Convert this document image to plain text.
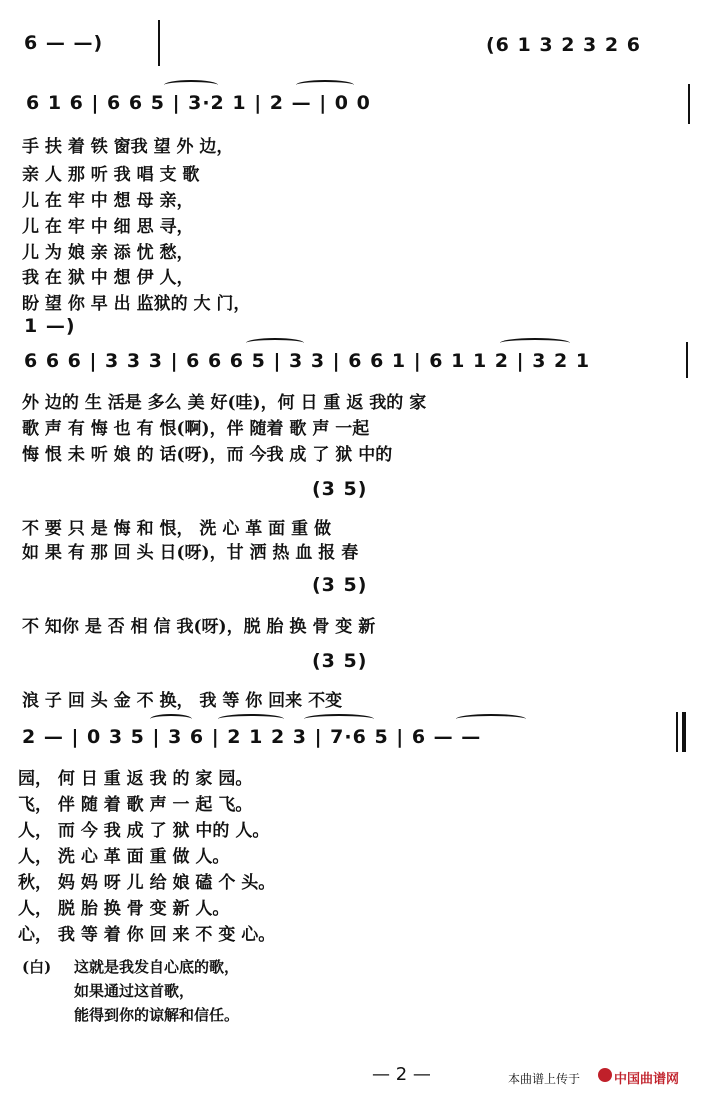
6 — —)	(6 1 3 2 3 2 6
6 1 6 | 6 6 5 | 3·2 1 | 2 — | 0 0
手 扶 着 铁 窗我 望 外 边，
亲 人 那 听 我 唱 支 歌
儿 在 牢 中 想 母 亲，
儿 在 牢 中 细 思 寻，
儿 为 娘 亲 添 忧 愁，
我 在 狱 中 想 伊 人，
盼 望 你 早 出 监狱的 大 门，
1 —)
6 6 6 | 3 3 3 | 6 6 6 5 | 3 3 | 6 6 1 | 6 1 1 2 | 3 2 1
外 边的 生 活是 多么 美 好(哇)，何 日 重 返 我的 家
歌 声 有 悔 也 有 恨(啊)，伴 随着 歌 声 一起
悔 恨 未 听 娘 的 话(呀)，而 今我 成 了 狱 中的
(3 5)
不 要 只 是 悔 和 恨， 洗 心 革 面 重 做
如 果 有 那 回 头 日(呀)，甘 洒 热 血 报 春
(3 5)
不 知你 是 否 相 信 我(呀)，脱 胎 换 骨 变 新
(3 5)
浪 子 回 头 金 不 换， 我 等 你 回来 不变
2 — | 0 3 5 | 3 6 | 2 1 2 3 | 7·6 5 | 6 — —
园， 何 日 重 返 我 的 家 园。
飞， 伴 随 着 歌 声 一 起 飞。
人， 而 今 我 成 了 狱 中的 人。
人， 洗 心 革 面 重 做 人。
秋， 妈 妈 呀 儿 给 娘 磕 个 头。
人， 脱 胎 换 骨 变 新 人。
心， 我 等 着 你 回 来 不 变 心。
(白) 这就是我发自心底的歌，
如果通过这首歌，
能得到你的谅解和信任。
— 2 —	本曲谱上传于	中国曲谱网
